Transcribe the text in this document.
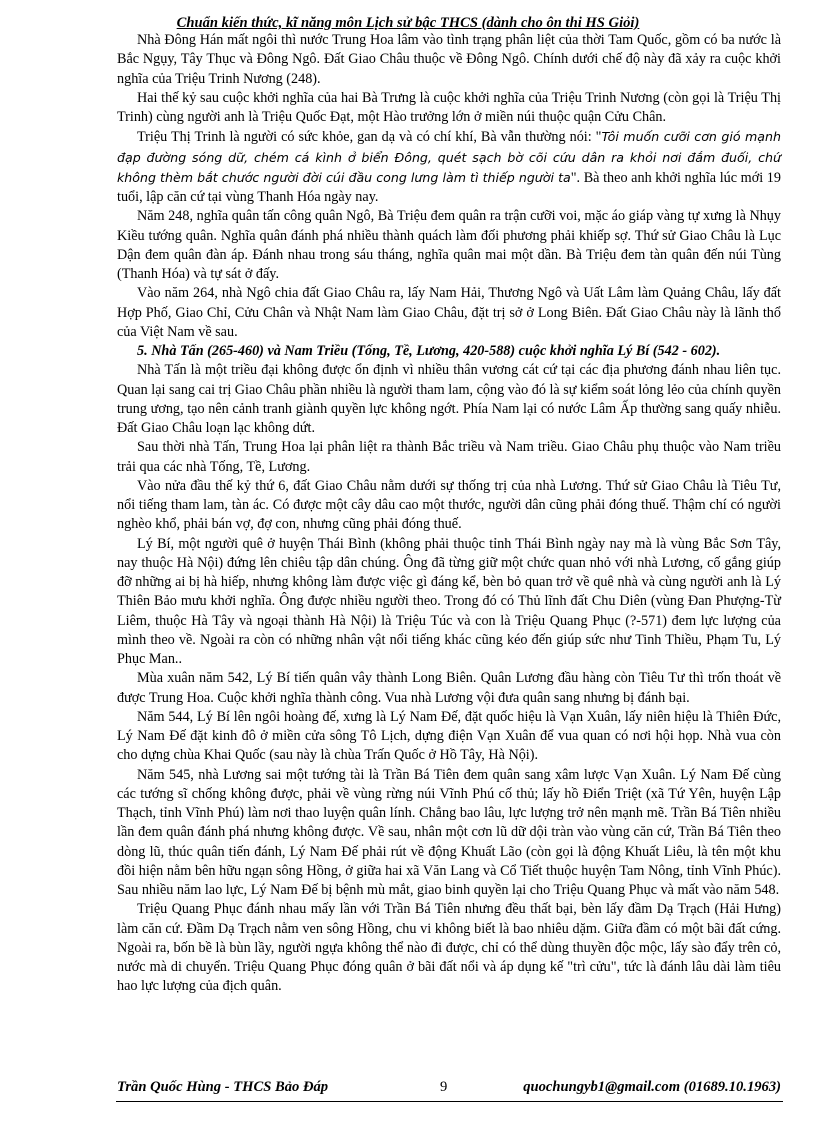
Chuẩn kiến thức, kĩ năng môn Lịch sử bậc THCS (dành cho ôn thi HS Giỏi)

Nhà Đông Hán mất ngôi thì nước Trung Hoa lâm vào tình trạng phân liệt của thời Tam Quốc, gồm có ba nước là Bắc Ngụy, Tây Thục và Đông Ngô. Đất Giao Châu thuộc về Đông Ngô. Chính dưới chế độ này đã xảy ra cuộc khởi nghĩa của Triệu Trinh Nương (248).

Hai thế kỷ sau cuộc khởi nghĩa của hai Bà Trưng là cuộc khởi nghĩa của Triệu Trinh Nương (còn gọi là Triệu Thị Trinh) cùng người anh là Triệu Quốc Đạt, một Hào trưởng lớn ở miền núi thuộc quận Cửu Chân.

Triệu Thị Trinh là người có sức khỏe, gan dạ và có chí khí, Bà vẫn thường nói: "Tôi muốn cưỡi cơn gió mạnh đạp đường sóng dữ, chém cá kình ở biển Đông, quét sạch bờ cõi cứu dân ra khỏi nơi đắm đuối, chứ không thèm bắt chước người đời cúi đầu cong lưng làm tì thiếp người ta". Bà theo anh khởi nghĩa lúc mới 19 tuổi, lập căn cứ tại vùng Thanh Hóa ngày nay.

Năm 248, nghĩa quân tấn công quân Ngô, Bà Triệu đem quân ra trận cưỡi voi, mặc áo giáp vàng tự xưng là Nhụy Kiều tướng quân. Nghĩa quân đánh phá nhiều thành quách làm đối phương phải khiếp sợ. Thứ sử Giao Châu là Lục Dận đem quân đàn áp. Đánh nhau trong sáu tháng, nghĩa quân mai một dần. Bà Triệu đem tàn quân đến núi Tùng (Thanh Hóa) và tự sát ở đấy.

Vào năm 264, nhà Ngô chia đất Giao Châu ra, lấy Nam Hải, Thương Ngô và Uất Lâm làm Quảng Châu, lấy đất Hợp Phố, Giao Chỉ, Cửu Chân và Nhật Nam làm Giao Châu, đặt trị sở ở Long Biên. Đất Giao Châu này là lãnh thổ của Việt Nam về sau.

5. Nhà Tấn (265-460) và Nam Triều (Tống, Tề, Lương, 420-588) cuộc khởi nghĩa Lý Bí (542 - 602).

Nhà Tấn là một triều đại không được ổn định vì nhiều thân vương cát cứ tại các địa phương đánh nhau liên tục. Quan lại sang cai trị Giao Châu phần nhiều là người tham lam, cộng vào đó là sự kiểm soát lỏng lẻo của chính quyền trung ương, tạo nên cảnh tranh giành quyền lực không ngớt. Phía Nam lại có nước Lâm Ấp thường sang quấy nhiễu. Đất Giao Châu loạn lạc không dứt.

Sau thời nhà Tấn, Trung Hoa lại phân liệt ra thành Bắc triều và Nam triều. Giao Châu phụ thuộc vào Nam triều trải qua các nhà Tống, Tề, Lương.

Vào nửa đầu thế kỷ thứ 6, đất Giao Châu nằm dưới sự thống trị của nhà Lương. Thứ sử Giao Châu là Tiêu Tư, nổi tiếng tham lam, tàn ác. Có được một cây dâu cao một thước, người dân cũng phải đóng thuế. Thậm chí có người nghèo khổ, phải bán vợ, đợ con, nhưng cũng phải đóng thuế.

Lý Bí, một người quê ở huyện Thái Bình (không phải thuộc tỉnh Thái Bình ngày nay mà là vùng Bắc Sơn Tây, nay thuộc Hà Nội) đứng lên chiêu tập dân chúng. Ông đã từng giữ một chức quan nhỏ với nhà Lương, cố gắng giúp đỡ những ai bị hà hiếp, nhưng không làm được việc gì đáng kể, bèn bỏ quan trở về quê nhà và cùng người anh là Lý Thiên Bảo mưu khởi nghĩa. Ông được nhiều người theo. Trong đó có Thủ lĩnh đất Chu Diên (vùng Đan Phượng-Từ Liêm, thuộc Hà Tây và ngoại thành Hà Nội) là Triệu Túc và con là Triệu Quang Phục (?-571) đem lực lượng của mình theo về. Ngoài ra còn có những nhân vật nổi tiếng khác cũng kéo đến giúp sức như Tinh Thiều, Phạm Tu, Lý Phục Man..

Mùa xuân năm 542, Lý Bí tiến quân vây thành Long Biên. Quân Lương đầu hàng còn Tiêu Tư thì trốn thoát về được Trung Hoa. Cuộc khởi nghĩa thành công. Vua nhà Lương vội đưa quân sang nhưng bị đánh bại.

Năm 544, Lý Bí lên ngôi hoàng đế, xưng là Lý Nam Đế, đặt quốc hiệu là Vạn Xuân, lấy niên hiệu là Thiên Đức, Lý Nam Đế đặt kinh đô ở miền cửa sông Tô Lịch, dựng điện Vạn Xuân để vua quan có nơi hội họp. Nhà vua còn cho dựng chùa Khai Quốc (sau này là chùa Trấn Quốc ở Hồ Tây, Hà Nội).

Năm 545, nhà Lương sai một tướng tài là Trần Bá Tiên đem quân sang xâm lược Vạn Xuân. Lý Nam Đế cùng các tướng sĩ chống không được, phải về vùng rừng núi Vĩnh Phú cố thủ; lấy hồ Điển Triệt (xã Tứ Yên, huyện Lập Thạch, tỉnh Vĩnh Phú) làm nơi thao luyện quân lính. Chẳng bao lâu, lực lượng trở nên mạnh mẽ. Trần Bá Tiên nhiều lần đem quân đánh phá nhưng không được. Về sau, nhân một cơn lũ dữ dội tràn vào vùng căn cứ, Trần Bá Tiên theo dòng lũ, thúc quân tiến đánh, Lý Nam Đế phải rút về động Khuất Lão (còn gọi là động Khuất Liêu, là tên một khu đồi hiện nằm bên hữu ngạn sông Hồng, ở giữa hai xã Văn Lang và Cổ Tiết thuộc huyện Tam Nông, tỉnh Vĩnh Phúc). Sau nhiều năm lao lực, Lý Nam Đế bị bệnh mù mắt, giao binh quyền lại cho Triệu Quang Phục và mất vào năm 548.

Triệu Quang Phục đánh nhau mấy lần với Trần Bá Tiên nhưng đều thất bại, bèn lấy đầm Dạ Trạch (Hải Hưng) làm căn cứ. Đầm Dạ Trạch nằm ven sông Hồng, chu vi không biết là bao nhiêu dặm. Giữa đầm có một bãi đất cứng. Ngoài ra, bốn bề là bùn lầy, người ngựa không thể nào đi được, chỉ có thể dùng thuyền độc mộc, lấy sào đẩy trên cỏ, nước mà di chuyển. Triệu Quang Phục đóng quân ở bãi đất nổi và áp dụng kế "trì cửu", tức là đánh lâu dài làm tiêu hao lực lượng của địch quân.

Trần Quốc Hùng - THCS Bảo Đáp	9	quochungyb1@gmail.com (01689.10.1963)
